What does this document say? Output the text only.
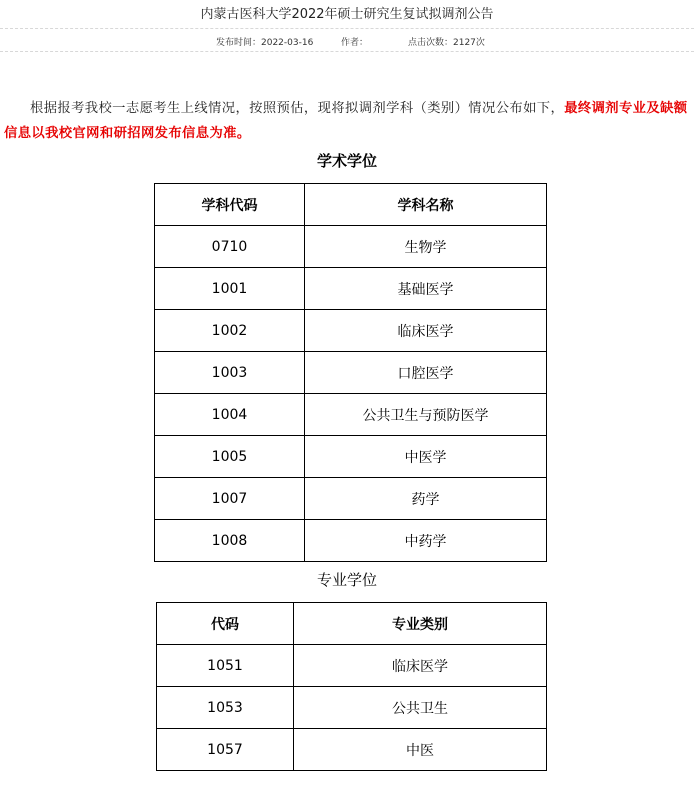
内蒙古医科大学2022年硕士研究生复试拟调剂公告
发布时间：2022-03-16	作者：	点击次数：2127次

根据报考我校一志愿考生上线情况，按照预估，现将拟调剂学科（类别）情况公布如下，最终调剂专业及缺额信息以我校官网和研招网发布信息为准。

学术学位
学科代码	学科名称
0710	生物学
1001	基础医学
1002	临床医学
1003	口腔医学
1004	公共卫生与预防医学
1005	中医学
1007	药学
1008	中药学
专业学位
代码	专业类别
1051	临床医学
1053	公共卫生
1057	中医
